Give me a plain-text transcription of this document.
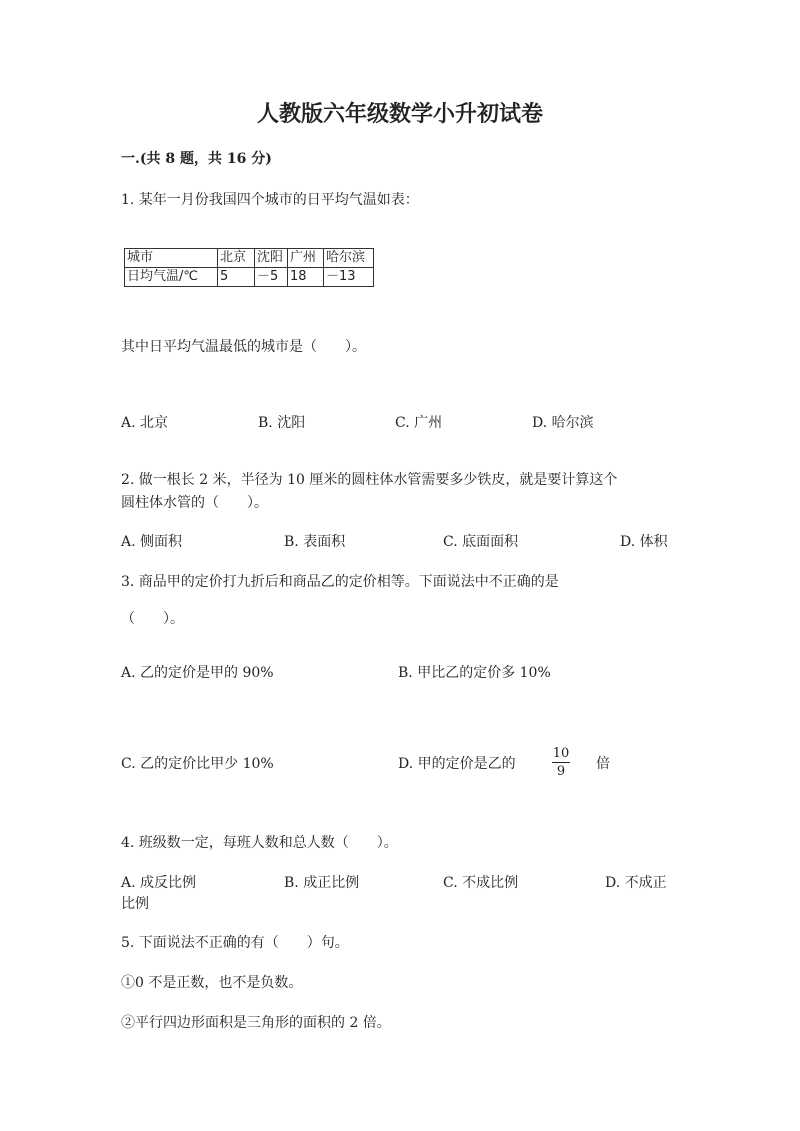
人教版六年级数学小升初试卷
一.(共 8 题，共 16 分)
1. 某年一月份我国四个城市的日平均气温如表：
城市	北京	沈阳	广州	哈尔滨
日均气温/℃	5	－5	18	－13
其中日平均气温最低的城市是（　　）。
A. 北京	B. 沈阳	C. 广州	D. 哈尔滨
2. 做一根长 2 米，半径为 10 厘米的圆柱体水管需要多少铁皮，就是要计算这个
圆柱体水管的（　　）。
A. 侧面积	B. 表面积	C. 底面面积	D. 体积
3. 商品甲的定价打九折后和商品乙的定价相等。下面说法中不正确的是
（　　）。
A. 乙的定价是甲的 90%	B. 甲比乙的定价多 10%
C. 乙的定价比甲少 10%	D. 甲的定价是乙的
10
9	倍
4. 班级数一定，每班人数和总人数（　　）。
A. 成反比例	B. 成正比例	C. 不成比例	D. 不成正
比例
5. 下面说法不正确的有（　　）句。
①0 不是正数，也不是负数。
②平行四边形面积是三角形的面积的 2 倍。
